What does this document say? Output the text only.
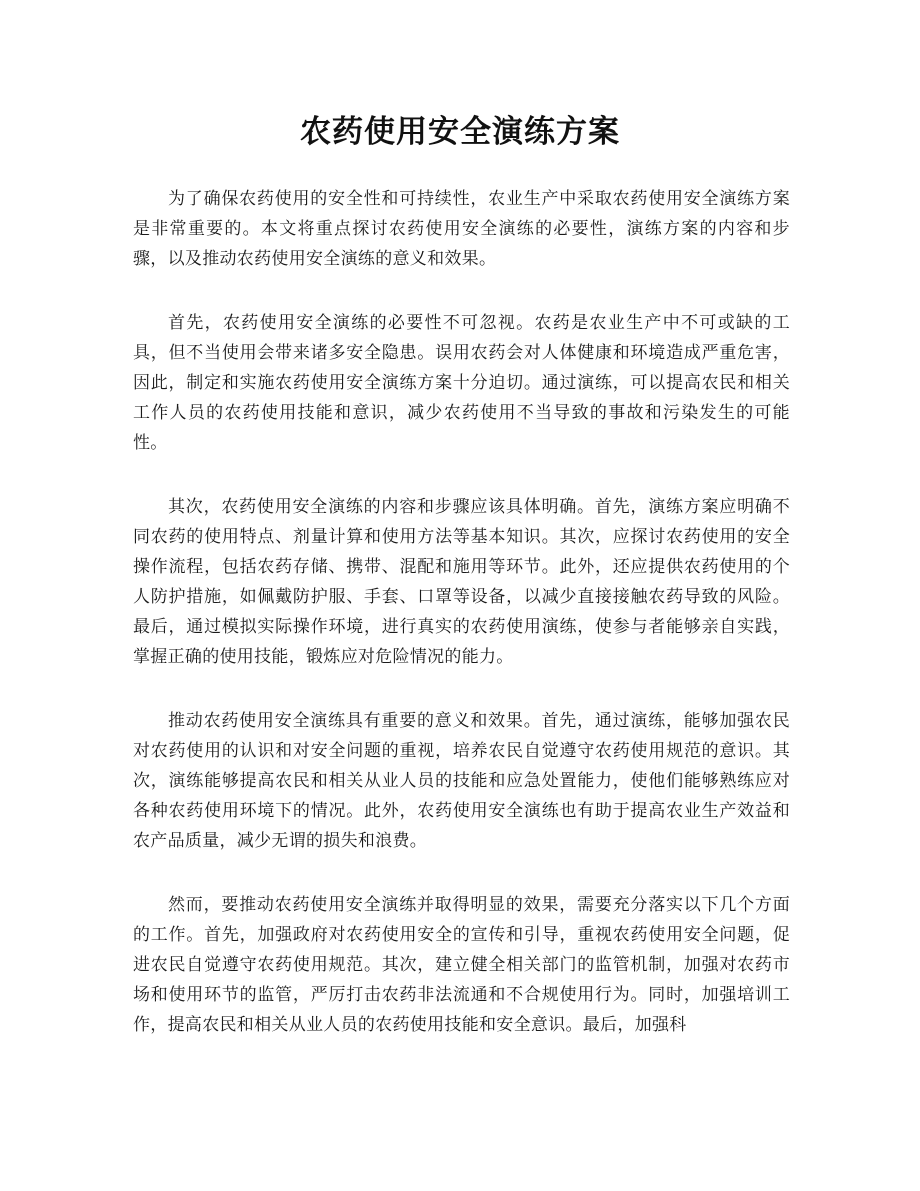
农药使用安全演练方案

为了确保农药使用的安全性和可持续性，农业生产中采取农药使用安全演练方案是非常重要的。本文将重点探讨农药使用安全演练的必要性，演练方案的内容和步骤，以及推动农药使用安全演练的意义和效果。

首先，农药使用安全演练的必要性不可忽视。农药是农业生产中不可或缺的工具，但不当使用会带来诸多安全隐患。误用农药会对人体健康和环境造成严重危害，因此，制定和实施农药使用安全演练方案十分迫切。通过演练，可以提高农民和相关工作人员的农药使用技能和意识，减少农药使用不当导致的事故和污染发生的可能性。

其次，农药使用安全演练的内容和步骤应该具体明确。首先，演练方案应明确不同农药的使用特点、剂量计算和使用方法等基本知识。其次，应探讨农药使用的安全操作流程，包括农药存储、携带、混配和施用等环节。此外，还应提供农药使用的个人防护措施，如佩戴防护服、手套、口罩等设备，以减少直接接触农药导致的风险。最后，通过模拟实际操作环境，进行真实的农药使用演练，使参与者能够亲自实践，掌握正确的使用技能，锻炼应对危险情况的能力。

推动农药使用安全演练具有重要的意义和效果。首先，通过演练，能够加强农民对农药使用的认识和对安全问题的重视，培养农民自觉遵守农药使用规范的意识。其次，演练能够提高农民和相关从业人员的技能和应急处置能力，使他们能够熟练应对各种农药使用环境下的情况。此外，农药使用安全演练也有助于提高农业生产效益和农产品质量，减少无谓的损失和浪费。

然而，要推动农药使用安全演练并取得明显的效果，需要充分落实以下几个方面的工作。首先，加强政府对农药使用安全的宣传和引导，重视农药使用安全问题，促进农民自觉遵守农药使用规范。其次，建立健全相关部门的监管机制，加强对农药市场和使用环节的监管，严厉打击农药非法流通和不合规使用行为。同时，加强培训工作，提高农民和相关从业人员的农药使用技能和安全意识。最后，加强科
